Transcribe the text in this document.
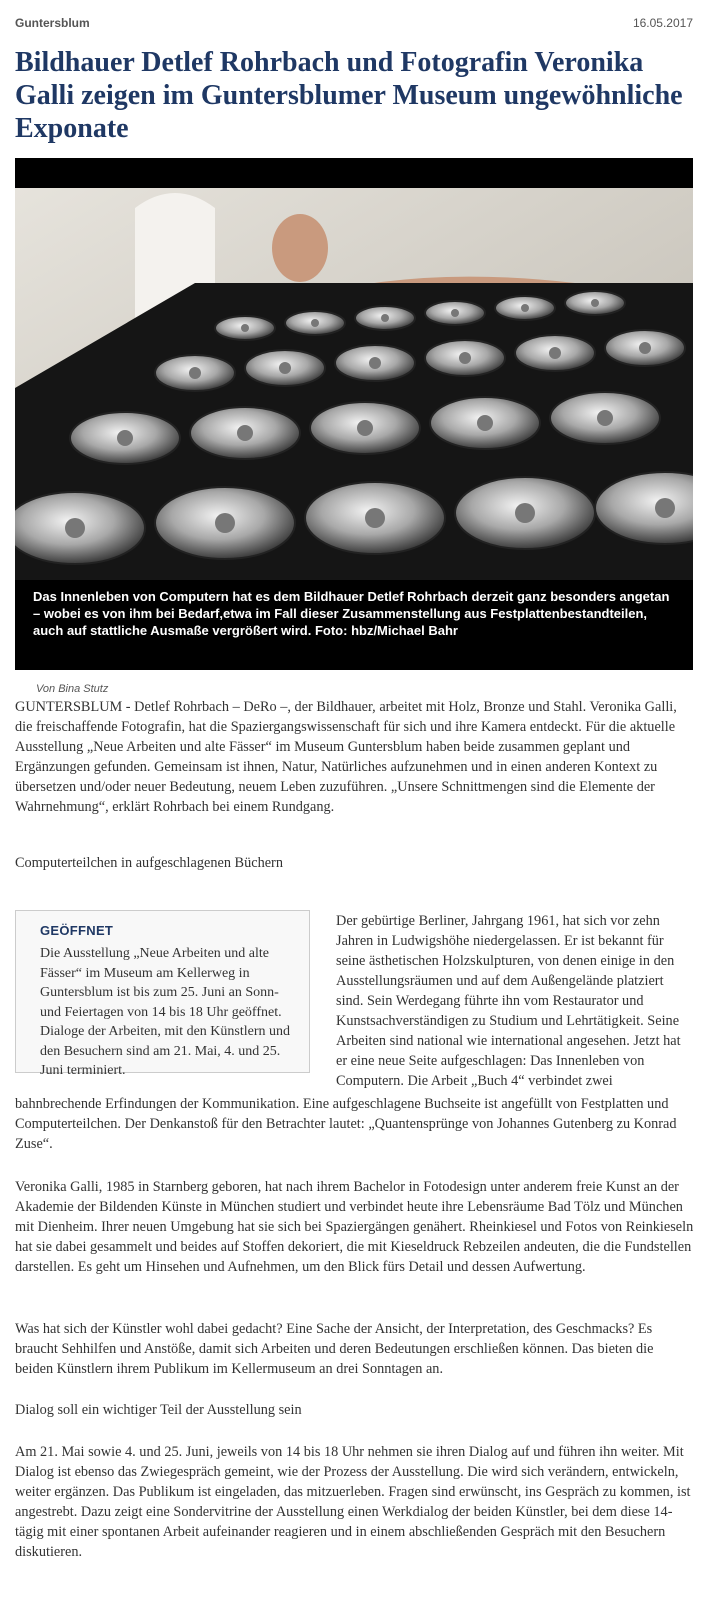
Guntersblum	16.05.2017
Bildhauer Detlef Rohrbach und Fotografin Veronika Galli zeigen im Guntersblumer Museum ungewöhnliche Exponate
Das Innenleben von Computern hat es dem Bildhauer Detlef Rohrbach derzeit ganz besonders angetan – wobei es von ihm bei Bedarf,etwa im Fall dieser Zusammenstellung aus Festplattenbestandteilen, auch auf stattliche Ausmaße vergrößert wird. Foto: hbz/Michael Bahr
Von Bina Stutz

GUNTERSBLUM - Detlef Rohrbach – DeRo –, der Bildhauer, arbeitet mit Holz, Bronze und Stahl. Veronika Galli, die freischaffende Fotografin, hat die Spaziergangswissenschaft für sich und ihre Kamera entdeckt. Für die aktuelle Ausstellung „Neue Arbeiten und alte Fässer“ im Museum Guntersblum haben beide zusammen geplant und Ergänzungen gefunden. Gemeinsam ist ihnen, Natur, Natürliches aufzunehmen und in einen anderen Kontext zu übersetzen und/oder neuer Bedeutung, neuem Leben zuzuführen. „Unsere Schnittmengen sind die Elemente der Wahrnehmung“, erklärt Rohrbach bei einem Rundgang.

Computerteilchen in aufgeschlagenen Büchern
GEÖFFNET
Die Ausstellung „Neue Arbeiten und alte Fässer“ im Museum am Kellerweg in Guntersblum ist bis zum 25. Juni an Sonn- und Feiertagen von 14 bis 18 Uhr geöffnet. Dialoge der Arbeiten, mit den Künstlern und den Besuchern sind am 21. Mai, 4. und 25. Juni terminiert.

Der gebürtige Berliner, Jahrgang 1961, hat sich vor zehn Jahren in Ludwigshöhe niedergelassen. Er ist bekannt für seine ästhetischen Holzskulpturen, von denen einige in den Ausstellungsräumen und auf dem Außengelände platziert sind. Sein Werdegang führte ihn vom Restaurator und Kunstsachverständigen zu Studium und Lehrtätigkeit. Seine Arbeiten sind national wie international angesehen. Jetzt hat er eine neue Seite aufgeschlagen: Das Innenleben von Computern. Die Arbeit „Buch 4“ verbindet zwei

bahnbrechende Erfindungen der Kommunikation. Eine aufgeschlagene Buchseite ist angefüllt von Festplatten und Computerteilchen. Der Denkanstoß für den Betrachter lautet: „Quantensprünge von Johannes Gutenberg zu Konrad Zuse“.

Veronika Galli, 1985 in Starnberg geboren, hat nach ihrem Bachelor in Fotodesign unter anderem freie Kunst an der Akademie der Bildenden Künste in München studiert und verbindet heute ihre Lebensräume Bad Tölz und München mit Dienheim. Ihrer neuen Umgebung hat sie sich bei Spaziergängen genähert. Rheinkiesel und Fotos von Reinkieseln hat sie dabei gesammelt und beides auf Stoffen dekoriert, die mit Kieseldruck Rebzeilen andeuten, die die Fundstellen darstellen. Es geht um Hinsehen und Aufnehmen, um den Blick fürs Detail und dessen Aufwertung.

Was hat sich der Künstler wohl dabei gedacht? Eine Sache der Ansicht, der Interpretation, des Geschmacks? Es braucht Sehhilfen und Anstöße, damit sich Arbeiten und deren Bedeutungen erschließen können. Das bieten die beiden Künstlern ihrem Publikum im Kellermuseum an drei Sonntagen an.

Dialog soll ein wichtiger Teil der Ausstellung sein

Am 21. Mai sowie 4. und 25. Juni, jeweils von 14 bis 18 Uhr nehmen sie ihren Dialog auf und führen ihn weiter. Mit Dialog ist ebenso das Zwiegespräch gemeint, wie der Prozess der Ausstellung. Die wird sich verändern, entwickeln, weiter ergänzen. Das Publikum ist eingeladen, das mitzuerleben. Fragen sind erwünscht, ins Gespräch zu kommen, ist angestrebt. Dazu zeigt eine Sondervitrine der Ausstellung einen Werkdialog der beiden Künstler, bei dem diese 14-tägig mit einer spontanen Arbeit aufeinander reagieren und in einem abschließenden Gespräch mit den Besuchern diskutieren.
